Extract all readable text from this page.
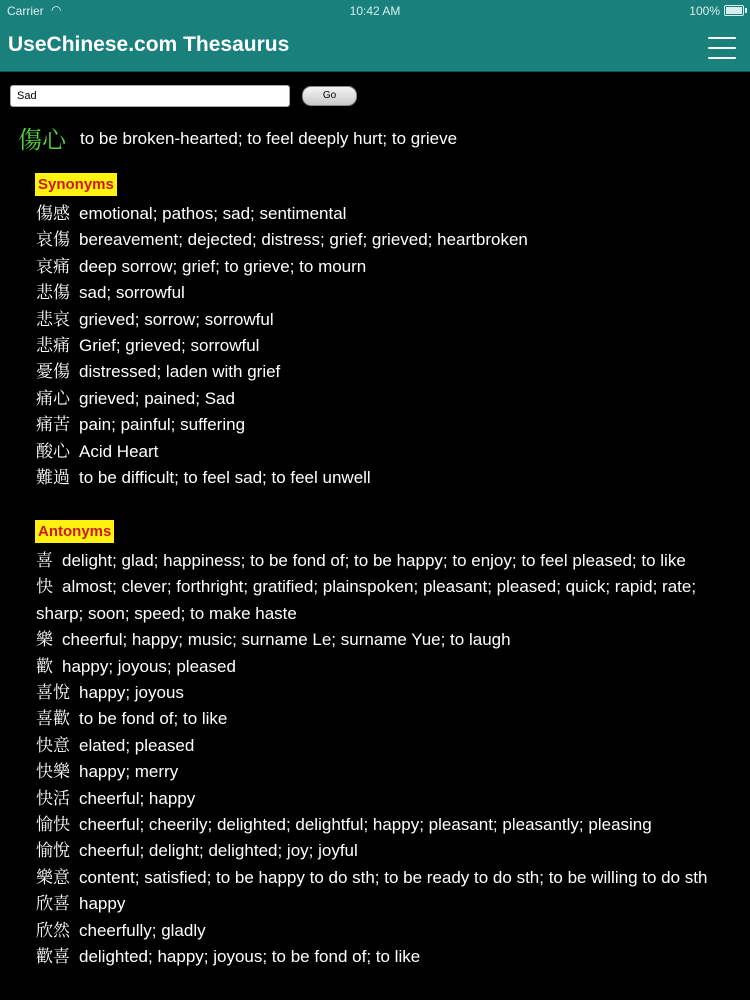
Carrier ◠	10:42 AM	100%
UseChinese.com Thesaurus
Sad
Go
傷心 to be broken-hearted; to feel deeply hurt; to grieve
Synonyms
傷感 emotional; pathos; sad; sentimental
哀傷 bereavement; dejected; distress; grief; grieved; heartbroken
哀痛 deep sorrow; grief; to grieve; to mourn
悲傷 sad; sorrowful
悲哀 grieved; sorrow; sorrowful
悲痛 Grief; grieved; sorrowful
憂傷 distressed; laden with grief
痛心 grieved; pained; Sad
痛苦 pain; painful; suffering
酸心 Acid Heart
難過 to be difficult; to feel sad; to feel unwell
Antonyms
喜 delight; glad; happiness; to be fond of; to be happy; to enjoy; to feel pleased; to like
快 almost; clever; forthright; gratified; plainspoken; pleasant; pleased; quick; rapid; rate; sharp; soon; speed; to make haste
樂 cheerful; happy; music; surname Le; surname Yue; to laugh
歡 happy; joyous; pleased
喜悅 happy; joyous
喜歡 to be fond of; to like
快意 elated; pleased
快樂 happy; merry
快活 cheerful; happy
愉快 cheerful; cheerily; delighted; delightful; happy; pleasant; pleasantly; pleasing
愉悅 cheerful; delight; delighted; joy; joyful
樂意 content; satisfied; to be happy to do sth; to be ready to do sth; to be willing to do sth
欣喜 happy
欣然 cheerfully; gladly
歡喜 delighted; happy; joyous; to be fond of; to like
